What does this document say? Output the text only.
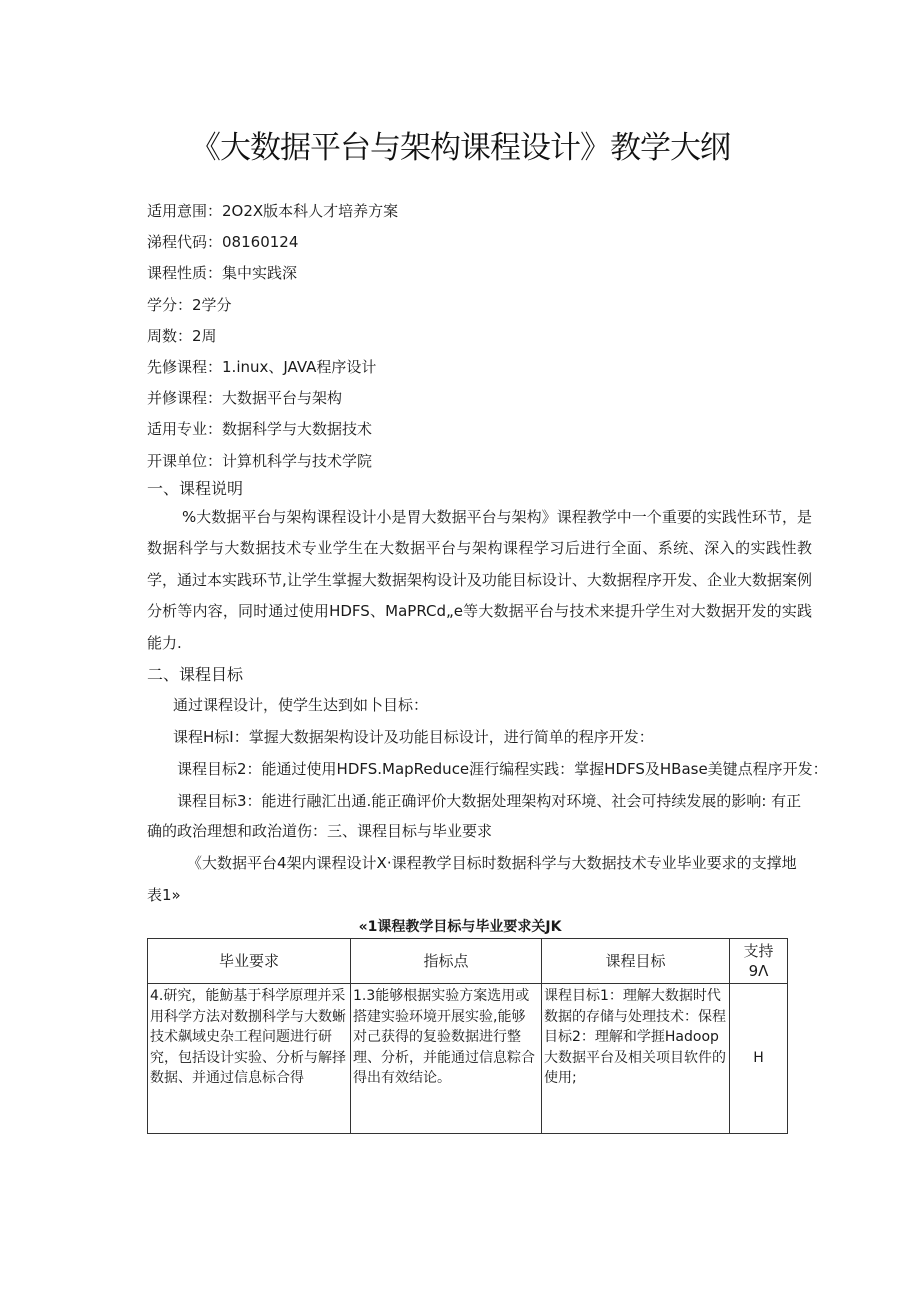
《大数据平台与架构课程设计》教学大纲
适用意围：2O2X版本科人才培养方案
涕程代码：08160124
课程性质：集中实践深
学分：2学分
周数：2周
先修课程：1.inux、JAVA程序设计
并修课程：大数据平台与架构
适用专业：数据科学与大数据技术
开课单位：计算机科学与技术学院
一、课程说明
%大数据平台与架构课程设计小是胃大数据平台与架构》课程教学中一个重要的实践性环节，是数据科学与大数据技术专业学生在大数据平台与架构课程学习后进行全面、系统、深入的实践性教学，通过本实践环节,让学生掌握大数据架构设计及功能目标设计、大数据程序开发、企业大数据案例分析等内容，同时通过使用HDFS、MaPRCd„e等大数据平台与技术来提升学生对大数据开发的实践能力.
二、课程目标
通过课程设计，使学生达到如卜目标：
课程H标I：掌握大数据架构设计及功能目标设计，进行简单的程序开发：
课程目标2：能通过使用HDFS.MapReduce涯行编程实践：掌握HDFS及HBase美键点程序开发：
课程目标3：能进行融汇出通.能正确评价大数据处理架构对环境、社会可持续发展的影响: 有正
确的政治理想和政治道伤：三、课程目标与毕业要求
《大数据平台4架内课程设计X·课程教学目标时数据科学与大数据技术专业毕业要求的支撑地
表1»
«1课程教学目标与毕业要求关JK
毕业要求	指标点	课程目标	支持
9Λ

4.研究，能魴基于科学原理并采用科学方法对数捌科学与大数蜥技术飙域史杂工程问题进行研究，包括设计实验、分析与解择数据、并通过信息标合得	1.3能够根据实验方案选用或搭建实验环境开展实验,能够对己获得的复验数据进行整理、分析，并能通过信息粽合得出有效结论。	课程目标1：理解大数据时代数据的存储与处理技术：保程目标2：理解和学捱Hadoop大数据平台及相关项目软件的使用;	H
